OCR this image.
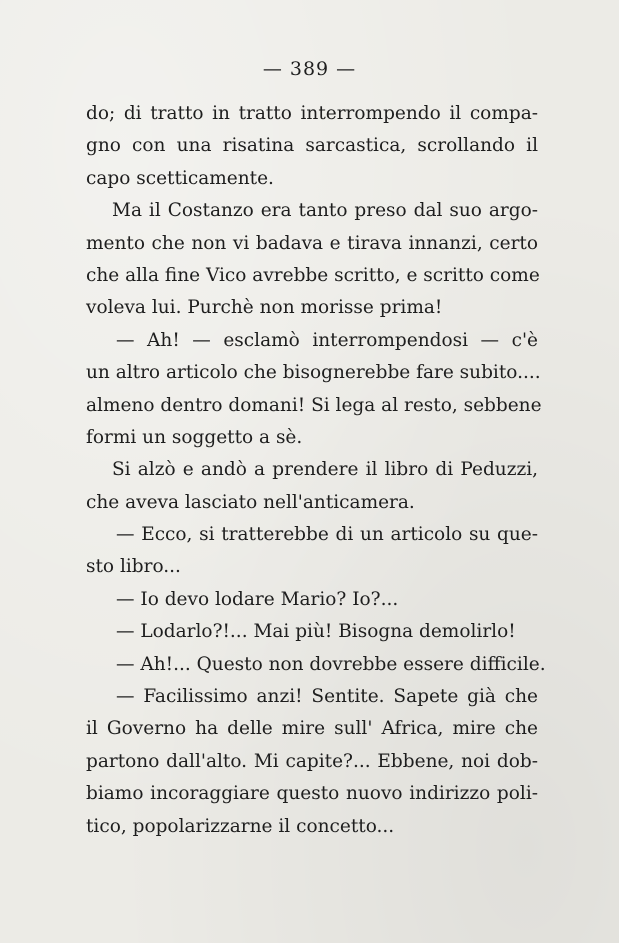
— 389 —
do; di tratto in tratto interrompendo il compa-
gno con una risatina sarcastica, scrollando il
capo scetticamente.
Ma il Costanzo era tanto preso dal suo argo-
mento che non vi badava e tirava innanzi, certo
che alla fine Vico avrebbe scritto, e scritto come
voleva lui. Purchè non morisse prima!
— Ah! — esclamò interrompendosi — c'è
un altro articolo che bisognerebbe fare subito....
almeno dentro domani! Si lega al resto, sebbene
formi un soggetto a sè.
Si alzò e andò a prendere il libro di Peduzzi,
che aveva lasciato nell'anticamera.
— Ecco, si tratterebbe di un articolo su que-
sto libro...
— Io devo lodare Mario? Io?...
— Lodarlo?!... Mai più! Bisogna demolirlo!
— Ah!... Questo non dovrebbe essere difficile.
— Facilissimo anzi! Sentite. Sapete già che
il Governo ha delle mire sull' Africa, mire che
partono dall'alto. Mi capite?... Ebbene, noi dob-
biamo incoraggiare questo nuovo indirizzo poli-
tico, popolarizzarne il concetto...
